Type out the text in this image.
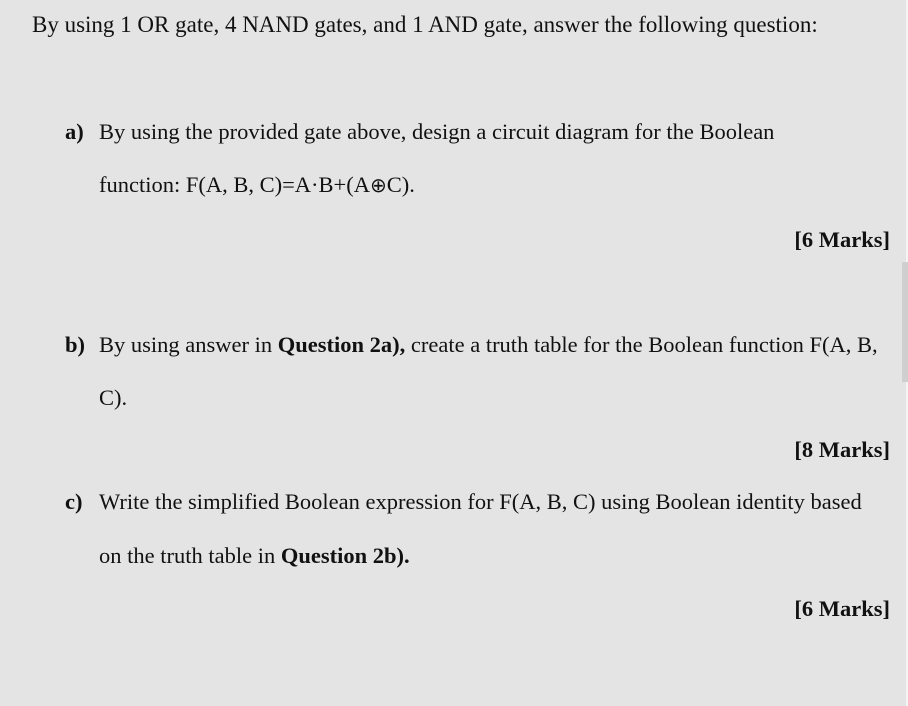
By using 1 OR gate, 4 NAND gates, and 1 AND gate, answer the following question:
a) By using the provided gate above, design a circuit diagram for the Boolean
function: F(A, B, C)=A·B+(A⊕C).
[6 Marks]
b) By using answer in Question 2a), create a truth table for the Boolean function F(A, B,
C).
[8 Marks]
c) Write the simplified Boolean expression for F(A, B, C) using Boolean identity based
on the truth table in Question 2b).
[6 Marks]
